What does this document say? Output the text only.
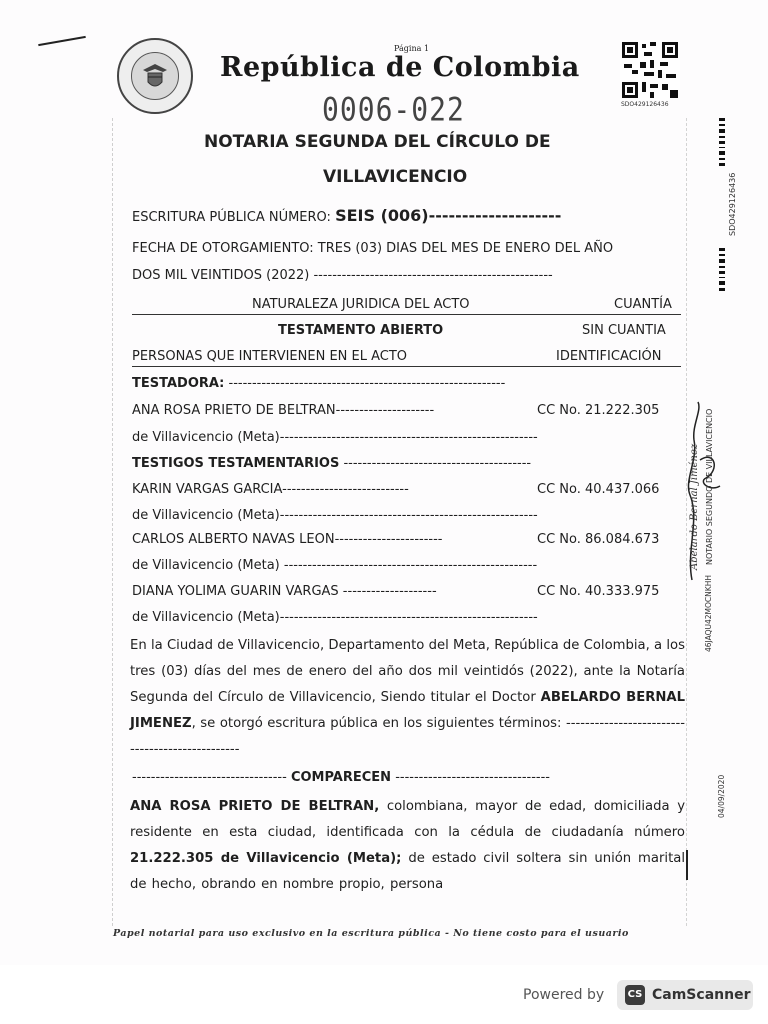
Página 1
República de Colombia
SDO429126436
0006-022
NOTARIA SEGUNDA DEL CÍRCULO DE
VILLAVICENCIO
ESCRITURA PÚBLICA NÚMERO: SEIS (006)--------------------
FECHA DE OTORGAMIENTO: TRES (03) DIAS DEL MES DE ENERO DEL AÑO
DOS MIL VEINTIDOS (2022) ---------------------------------------------------
NATURALEZA JURIDICA DEL ACTO	CUANTÍA
TESTAMENTO ABIERTO	SIN CUANTIA
PERSONAS QUE INTERVIENEN EN EL ACTO	IDENTIFICACIÓN
TESTADORA: -----------------------------------------------------------
ANA ROSA PRIETO DE BELTRAN---------------------	CC No. 21.222.305
de Villavicencio (Meta)-------------------------------------------------------
TESTIGOS TESTAMENTARIOS ----------------------------------------
KARIN VARGAS GARCIA---------------------------	CC No. 40.437.066
de Villavicencio (Meta)-------------------------------------------------------
CARLOS ALBERTO NAVAS LEON-----------------------	CC No. 86.084.673
de Villavicencio (Meta) ------------------------------------------------------
DIANA YOLIMA GUARIN VARGAS --------------------	CC No. 40.333.975
de Villavicencio (Meta)-------------------------------------------------------
En la Ciudad de Villavicencio, Departamento del Meta, República de Colombia, a los tres (03) días del mes de enero del año dos mil veintidós (2022), ante la Notaría Segunda del Círculo de Villavicencio, Siendo titular el Doctor ABELARDO BERNAL JIMENEZ, se otorgó escritura pública en los siguientes términos: ------------------------------------------------
--------------------------------- COMPARECEN ---------------------------------
ANA ROSA PRIETO DE BELTRAN, colombiana, mayor de edad, domiciliada y residente en esta ciudad, identificada con la cédula de ciudadanía número 21.222.305 de Villavicencio (Meta); de estado civil soltera sin unión marital de hecho, obrando en nombre propio, persona
SDO429126436
Abelardo Bernal Jiménez NOTARIO SEGUNDO DE VILLAVICENCIO
46JAQU42MOCNKHH
04/09/2020
Papel notarial para uso exclusivo en la escritura pública - No tiene costo para el usuario
Powered by CS CamScanner
